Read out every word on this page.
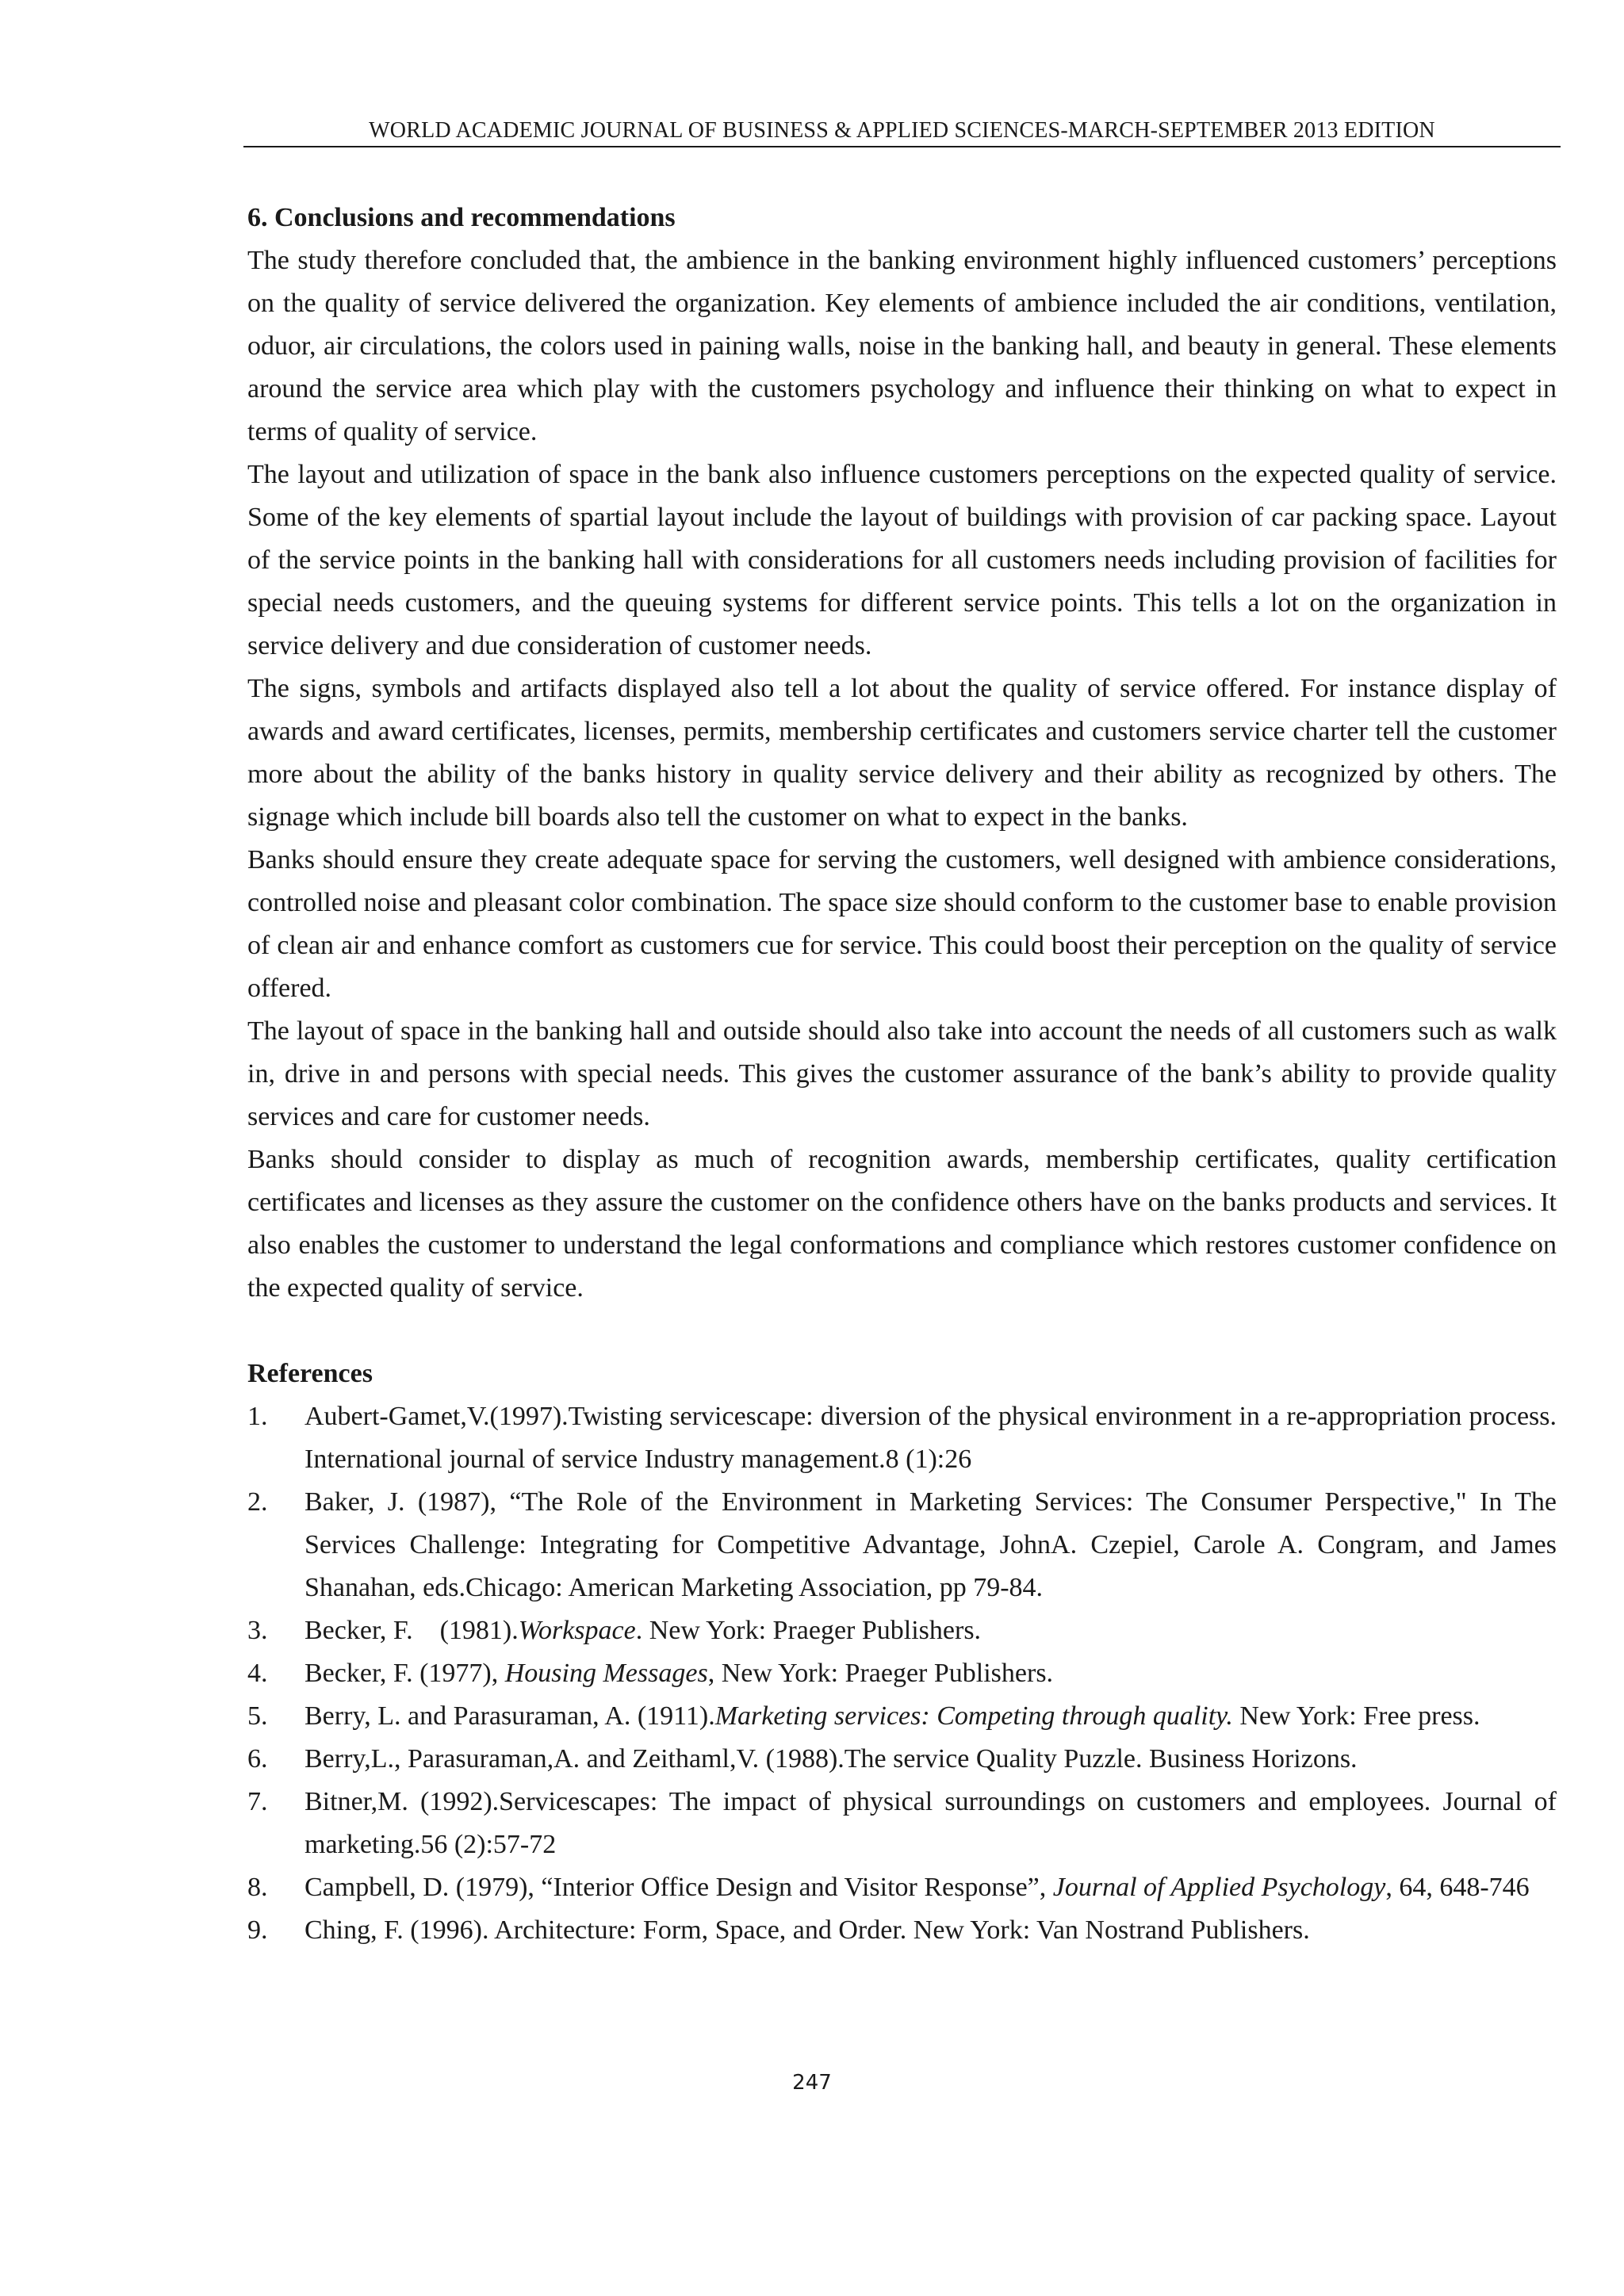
WORLD ACADEMIC JOURNAL OF BUSINESS & APPLIED SCIENCES-MARCH-SEPTEMBER 2013 EDITION

6. Conclusions and recommendations

The study therefore concluded that, the ambience in the banking environment highly influenced customers’ perceptions on the quality of service delivered the organization. Key elements of ambience included the air conditions, ventilation, oduor, air circulations, the colors used in paining walls, noise in the banking hall, and beauty in general. These elements around the service area which play with the customers psychology and influence their thinking on what to expect in terms of quality of service.

The layout and utilization of space in the bank also influence customers perceptions on the expected quality of service. Some of the key elements of spartial layout include the layout of buildings with provision of car packing space. Layout of the service points in the banking hall with considerations for all customers needs including provision of facilities for special needs customers, and the queuing systems for different service points. This tells a lot on the organization in service delivery and due consideration of customer needs.

The signs, symbols and artifacts displayed also tell a lot about the quality of service offered. For instance display of awards and award certificates, licenses, permits, membership certificates and customers service charter tell the customer more about the ability of the banks history in quality service delivery and their ability as recognized by others. The signage which include bill boards also tell the customer on what to expect in the banks.

Banks should ensure they create adequate space for serving the customers, well designed with ambience considerations, controlled noise and pleasant color combination. The space size should conform to the customer base to enable provision of clean air and enhance comfort as customers cue for service. This could boost their perception on the quality of service offered.

The layout of space in the banking hall and outside should also take into account the needs of all customers such as walk in, drive in and persons with special needs. This gives the customer assurance of the bank’s ability to provide quality services and care for customer needs.

Banks should consider to display as much of recognition awards, membership certificates, quality certification certificates and licenses as they assure the customer on the confidence others have on the banks products and services. It also enables the customer to understand the legal conformations and compliance which restores customer confidence on the expected quality of service.

References

1. Aubert-Gamet,V.(1997).Twisting servicescape: diversion of the physical environment in a re-appropriation process. International journal of service Industry management.8 (1):26
2. Baker, J. (1987), “The Role of the Environment in Marketing Services: The Consumer Perspective," In The Services Challenge: Integrating for Competitive Advantage, JohnA. Czepiel, Carole A. Congram, and James Shanahan, eds.Chicago: American Marketing Association, pp 79-84.
3. Becker, F.    (1981).Workspace. New York: Praeger Publishers.
4. Becker, F. (1977), Housing Messages, New York: Praeger Publishers.
5. Berry, L. and Parasuraman, A. (1911).Marketing services: Competing through quality. New York: Free press.
6. Berry,L., Parasuraman,A. and Zeithaml,V. (1988).The service Quality Puzzle. Business Horizons.
7. Bitner,M. (1992).Servicescapes: The impact of physical surroundings on customers and employees. Journal of marketing.56 (2):57-72
8. Campbell, D. (1979), “Interior Office Design and Visitor Response”, Journal of Applied Psychology, 64, 648-746
9. Ching, F. (1996). Architecture: Form, Space, and Order. New York: Van Nostrand Publishers.
247
